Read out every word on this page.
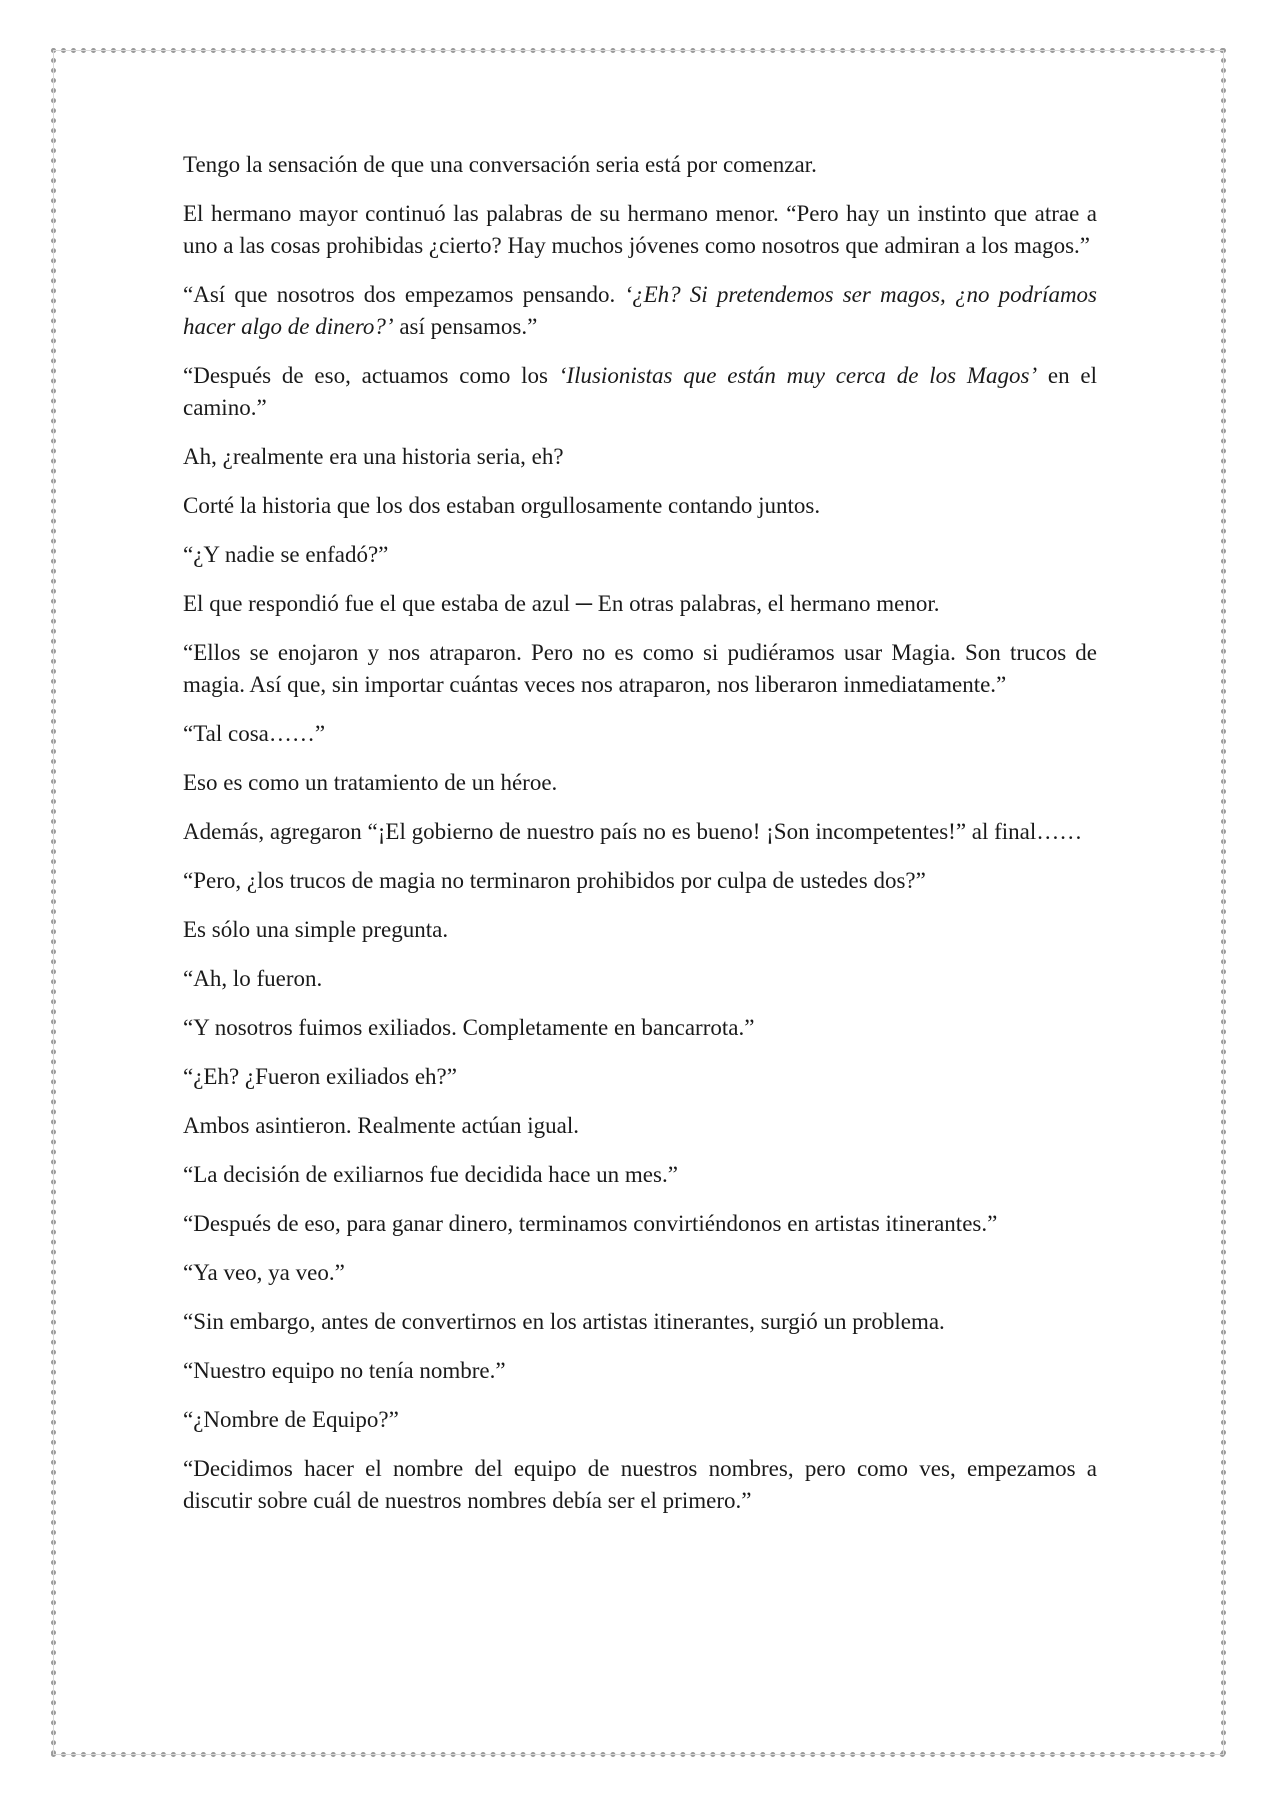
Tengo la sensación de que una conversación seria está por comenzar.

El hermano mayor continuó las palabras de su hermano menor. “Pero hay un instinto que atrae a uno a las cosas prohibidas ¿cierto? Hay muchos jóvenes como nosotros que admiran a los magos.”

“Así que nosotros dos empezamos pensando. ‘¿Eh? Si pretendemos ser magos, ¿no podríamos hacer algo de dinero?’ así pensamos.”

“Después de eso, actuamos como los ‘Ilusionistas que están muy cerca de los Magos’ en el camino.”

Ah, ¿realmente era una historia seria, eh?

Corté la historia que los dos estaban orgullosamente contando juntos.

“¿Y nadie se enfadó?”

El que respondió fue el que estaba de azul ─ En otras palabras, el hermano menor.

“Ellos se enojaron y nos atraparon. Pero no es como si pudiéramos usar Magia. Son trucos de magia. Así que, sin importar cuántas veces nos atraparon, nos liberaron inmediatamente.”

“Tal cosa……”

Eso es como un tratamiento de un héroe.

Además, agregaron “¡El gobierno de nuestro país no es bueno! ¡Son incompetentes!” al final……

“Pero, ¿los trucos de magia no terminaron prohibidos por culpa de ustedes dos?”

Es sólo una simple pregunta.

“Ah, lo fueron.

“Y nosotros fuimos exiliados. Completamente en bancarrota.”

“¿Eh? ¿Fueron exiliados eh?”

Ambos asintieron. Realmente actúan igual.

“La decisión de exiliarnos fue decidida hace un mes.”

“Después de eso, para ganar dinero, terminamos convirtiéndonos en artistas itinerantes.”

“Ya veo, ya veo.”

“Sin embargo, antes de convertirnos en los artistas itinerantes, surgió un problema.

“Nuestro equipo no tenía nombre.”

“¿Nombre de Equipo?”

“Decidimos hacer el nombre del equipo de nuestros nombres, pero como ves, empezamos a discutir sobre cuál de nuestros nombres debía ser el primero.”
